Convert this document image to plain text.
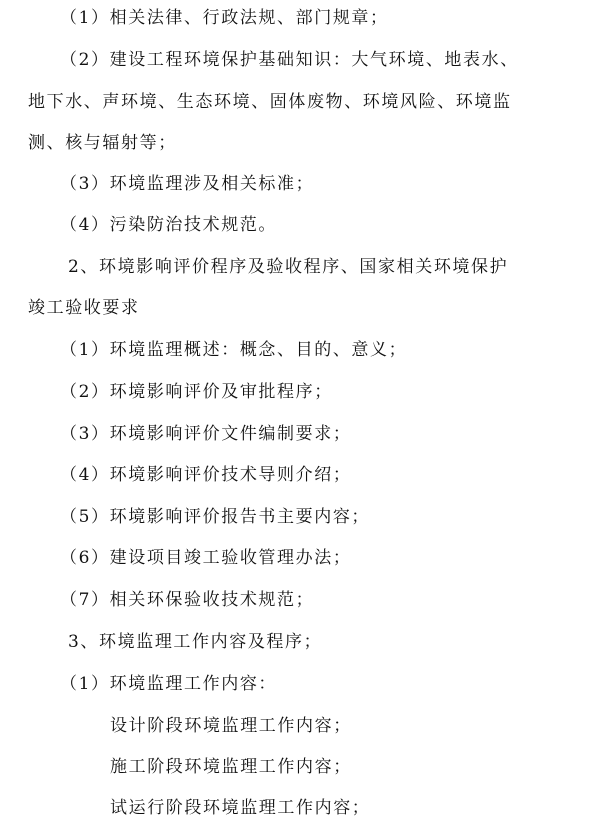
（1）相关法律、行政法规、部门规章；
（2）建设工程环境保护基础知识：大气环境、地表水、
地下水、声环境、生态环境、固体废物、环境风险、环境监
测、核与辐射等；
（3）环境监理涉及相关标准；
（4）污染防治技术规范。
2、环境影响评价程序及验收程序、国家相关环境保护
竣工验收要求
（1）环境监理概述：概念、目的、意义；
（2）环境影响评价及审批程序；
（3）环境影响评价文件编制要求；
（4）环境影响评价技术导则介绍；
（5）环境影响评价报告书主要内容；
（6）建设项目竣工验收管理办法；
（7）相关环保验收技术规范；
3、环境监理工作内容及程序；
（1）环境监理工作内容：
设计阶段环境监理工作内容；
施工阶段环境监理工作内容；
试运行阶段环境监理工作内容；
